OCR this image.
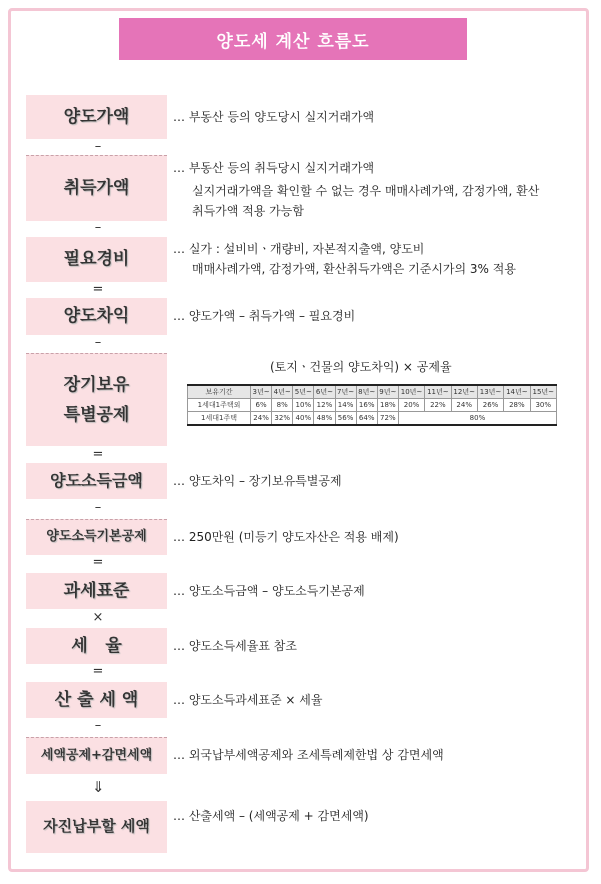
양도세 계산 흐름도
양도가액	… 부동산 등의 양도당시 실지거래가액
–
취득가액
… 부동산 등의 취득당시 실지거래가액
실지거래가액을 확인할 수 없는 경우 매매사례가액, 감정가액, 환산
취득가액 적용 가능함
–
필요경비
… 실가 : 설비비ㆍ개량비, 자본적지출액, 양도비
매매사례가액, 감정가액, 환산취득가액은 기준시가의 3% 적용
=
양도차익	… 양도가액 – 취득가액 – 필요경비
–
장기보유
특별공제
(토지ㆍ건물의 양도차익) × 공제율
보유기간	3년~	4년~	5년~	6년~	7년~	8년~	9년~	10년~	11년~	12년~	13년~	14년~	15년~
1세대1주택외	6%	8%	10%	12%	14%	16%	18%	20%	22%	24%	26%	28%	30%
1세대1주택	24%	32%	40%	48%	56%	64%	72%	80%					
=
양도소득금액	… 양도차익 – 장기보유특별공제
–
양도소득기본공제 … 250만원 (미등기 양도자산은 적용 배제)
=
과세표준	… 양도소득금액 – 양도소득기본공제
×
세   율	… 양도소득세율표 참조
=
산 출 세 액	… 양도소득과세표준 × 세율
–
세액공제+감면세액 … 외국납부세액공제와 조세특례제한법 상 감면세액
⇓
자진납부할 세액
… 산출세액 – (세액공제 + 감면세액)
